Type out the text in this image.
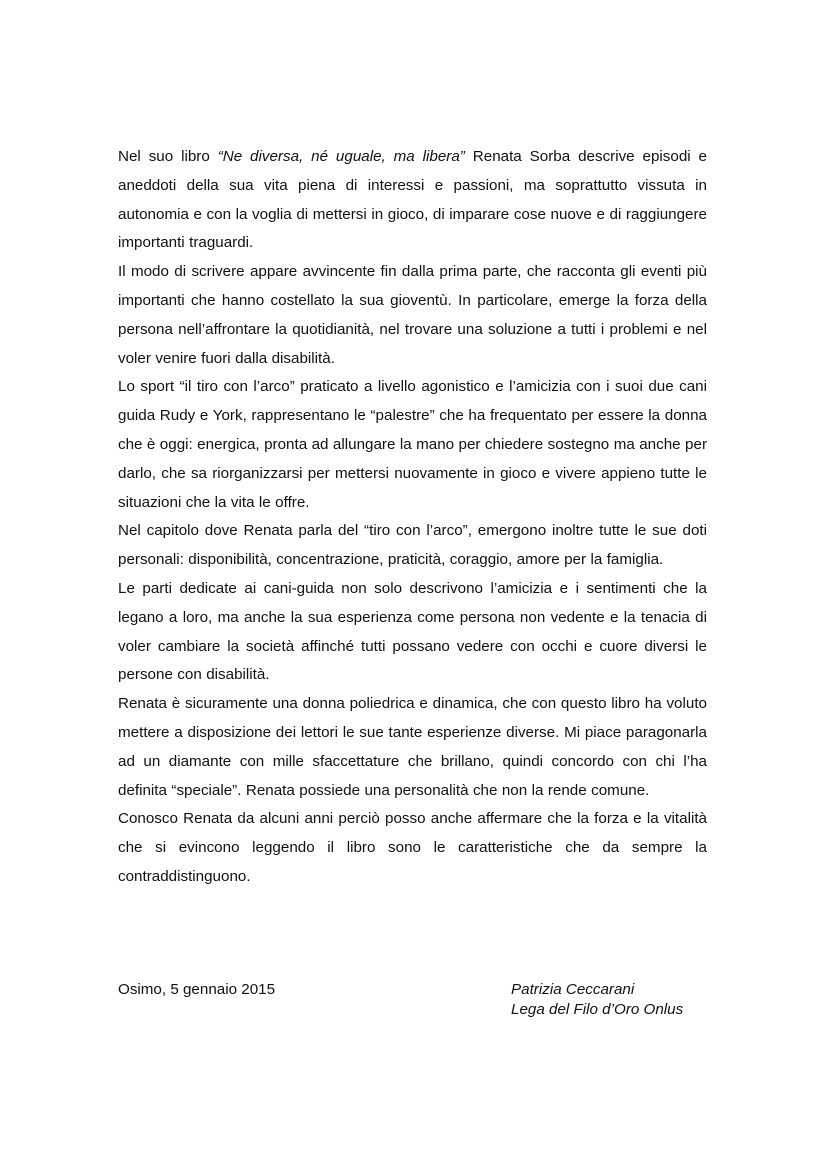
Nel suo libro “Ne diversa, né uguale, ma libera” Renata Sorba descrive episodi e aneddoti della sua vita piena di interessi e passioni, ma soprattutto vissuta in autonomia e con la voglia di mettersi in gioco, di imparare cose nuove e di raggiungere importanti traguardi.

Il modo di scrivere appare avvincente fin dalla prima parte, che racconta gli eventi più importanti che hanno costellato la sua gioventù. In particolare, emerge la forza della persona nell’affrontare la quotidianità, nel trovare una soluzione a tutti i problemi e nel voler venire fuori dalla disabilità.

Lo sport “il tiro con l’arco” praticato a livello agonistico e l’amicizia con i suoi due cani guida Rudy e York, rappresentano le “palestre” che ha frequentato per essere la donna che è oggi: energica, pronta ad allungare la mano per chiedere sostegno ma anche per darlo, che sa riorganizzarsi per mettersi nuovamente in gioco e vivere appieno tutte le situazioni che la vita le offre.

Nel capitolo dove Renata parla del “tiro con l’arco”, emergono inoltre tutte le sue doti personali: disponibilità, concentrazione, praticità, coraggio, amore per la famiglia.

Le parti dedicate ai cani-guida non solo descrivono l’amicizia e i sentimenti che la legano a loro, ma anche la sua esperienza come persona non vedente e la tenacia di voler cambiare la società affinché tutti possano vedere con occhi e cuore diversi le persone con disabilità.

Renata è sicuramente una donna poliedrica e dinamica, che con questo libro ha voluto mettere a disposizione dei lettori le sue tante esperienze diverse. Mi piace paragonarla ad un diamante con mille sfaccettature che brillano, quindi concordo con chi l’ha definita “speciale”. Renata possiede una personalità che non la rende comune.

Conosco Renata da alcuni anni perciò posso anche affermare che la forza e la vitalità che si evincono leggendo il libro sono le caratteristiche che da sempre la contraddistinguono.

Osimo, 5 gennaio 2015	Patrizia Ceccarani
Lega del Filo d’Oro Onlus
